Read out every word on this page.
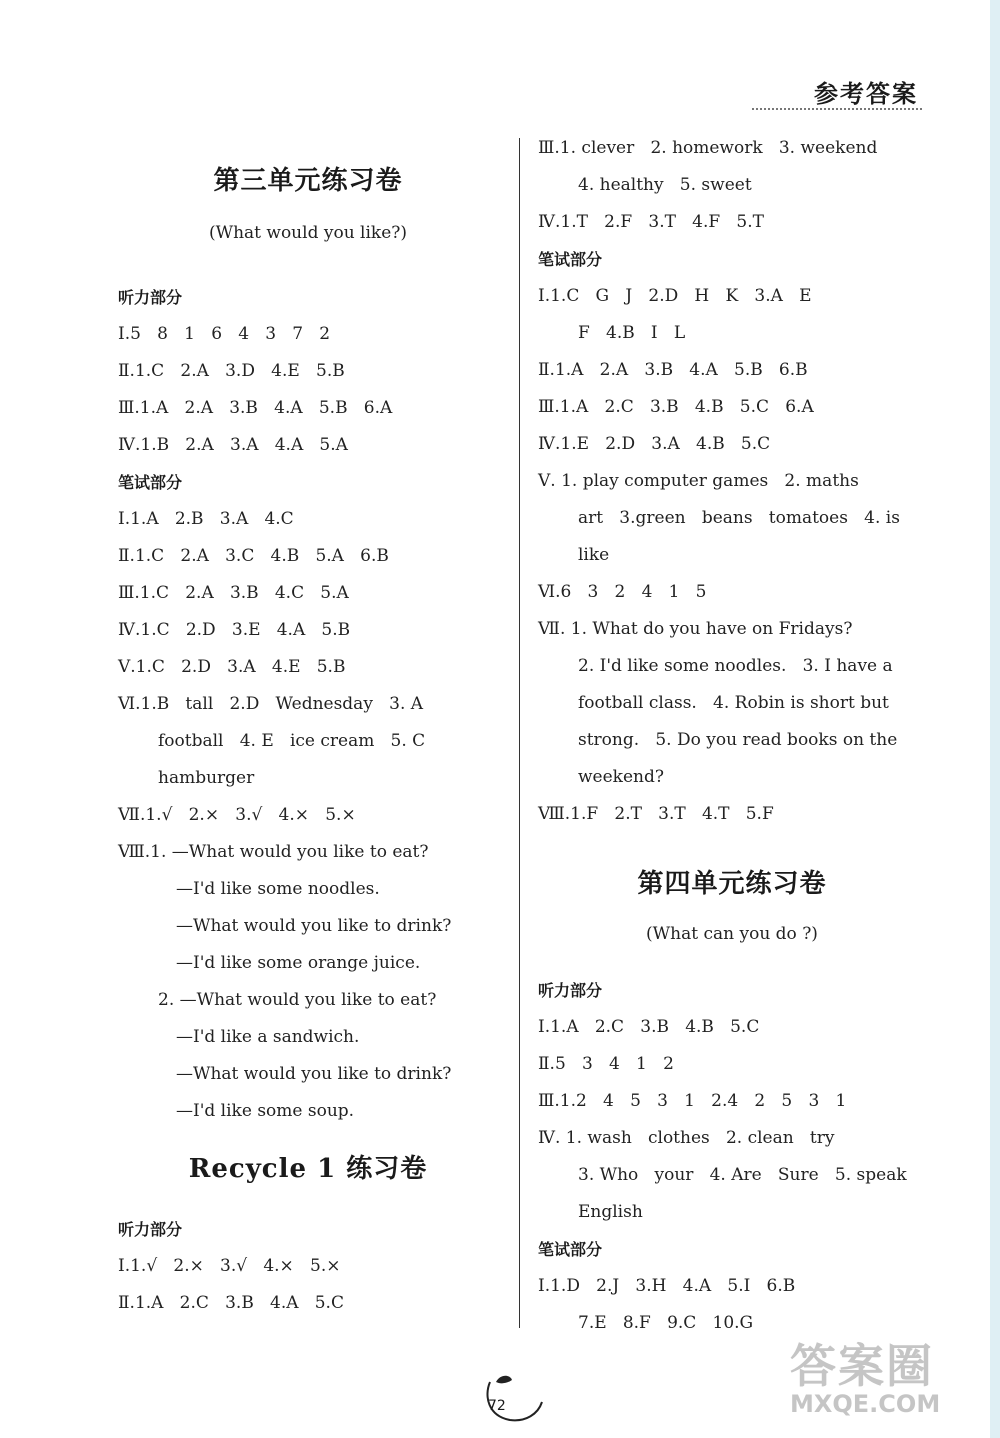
参考答案
第三单元练习卷
(What would you like?)
听力部分
Ⅰ.5   8   1   6   4   3   7   2
Ⅱ.1.C   2.A   3.D   4.E   5.B
Ⅲ.1.A   2.A   3.B   4.A   5.B   6.A
Ⅳ.1.B   2.A   3.A   4.A   5.A
笔试部分
Ⅰ.1.A   2.B   3.A   4.C
Ⅱ.1.C   2.A   3.C   4.B   5.A   6.B
Ⅲ.1.C   2.A   3.B   4.C   5.A
Ⅳ.1.C   2.D   3.E   4.A   5.B
Ⅴ.1.C   2.D   3.A   4.E   5.B
Ⅵ.1.B   tall   2.D   Wednesday   3. A
football   4. E   ice cream   5. C
hamburger
Ⅶ.1.√   2.×   3.√   4.×   5.×
Ⅷ.1. —What would you like to eat?
—I'd like some noodles.
—What would you like to drink?
—I'd like some orange juice.
2. —What would you like to eat?
—I'd like a sandwich.
—What would you like to drink?
—I'd like some soup.
Recycle 1 练习卷
听力部分
Ⅰ.1.√   2.×   3.√   4.×   5.×
Ⅱ.1.A   2.C   3.B   4.A   5.C
Ⅲ.1. clever   2. homework   3. weekend
4. healthy   5. sweet
Ⅳ.1.T   2.F   3.T   4.F   5.T
笔试部分
Ⅰ.1.C   G   J   2.D   H   K   3.A   E
F   4.B   I   L
Ⅱ.1.A   2.A   3.B   4.A   5.B   6.B
Ⅲ.1.A   2.C   3.B   4.B   5.C   6.A
Ⅳ.1.E   2.D   3.A   4.B   5.C
Ⅴ. 1. play computer games   2. maths
art   3.green   beans   tomatoes   4. is
like
Ⅵ.6   3   2   4   1   5
Ⅶ. 1. What do you have on Fridays?
2. I'd like some noodles.   3. I have a
football class.   4. Robin is short but
strong.   5. Do you read books on the
weekend?
Ⅷ.1.F   2.T   3.T   4.T   5.F
第四单元练习卷
(What can you do ?)
听力部分
Ⅰ.1.A   2.C   3.B   4.B   5.C
Ⅱ.5   3   4   1   2
Ⅲ.1.2   4   5   3   1   2.4   2   5   3   1
Ⅳ. 1. wash   clothes   2. clean   try
3. Who   your   4. Are   Sure   5. speak
English
笔试部分
Ⅰ.1.D   2.J   3.H   4.A   5.I   6.B
7.E   8.F   9.C   10.G
72
答案圈
MXQE.COM
